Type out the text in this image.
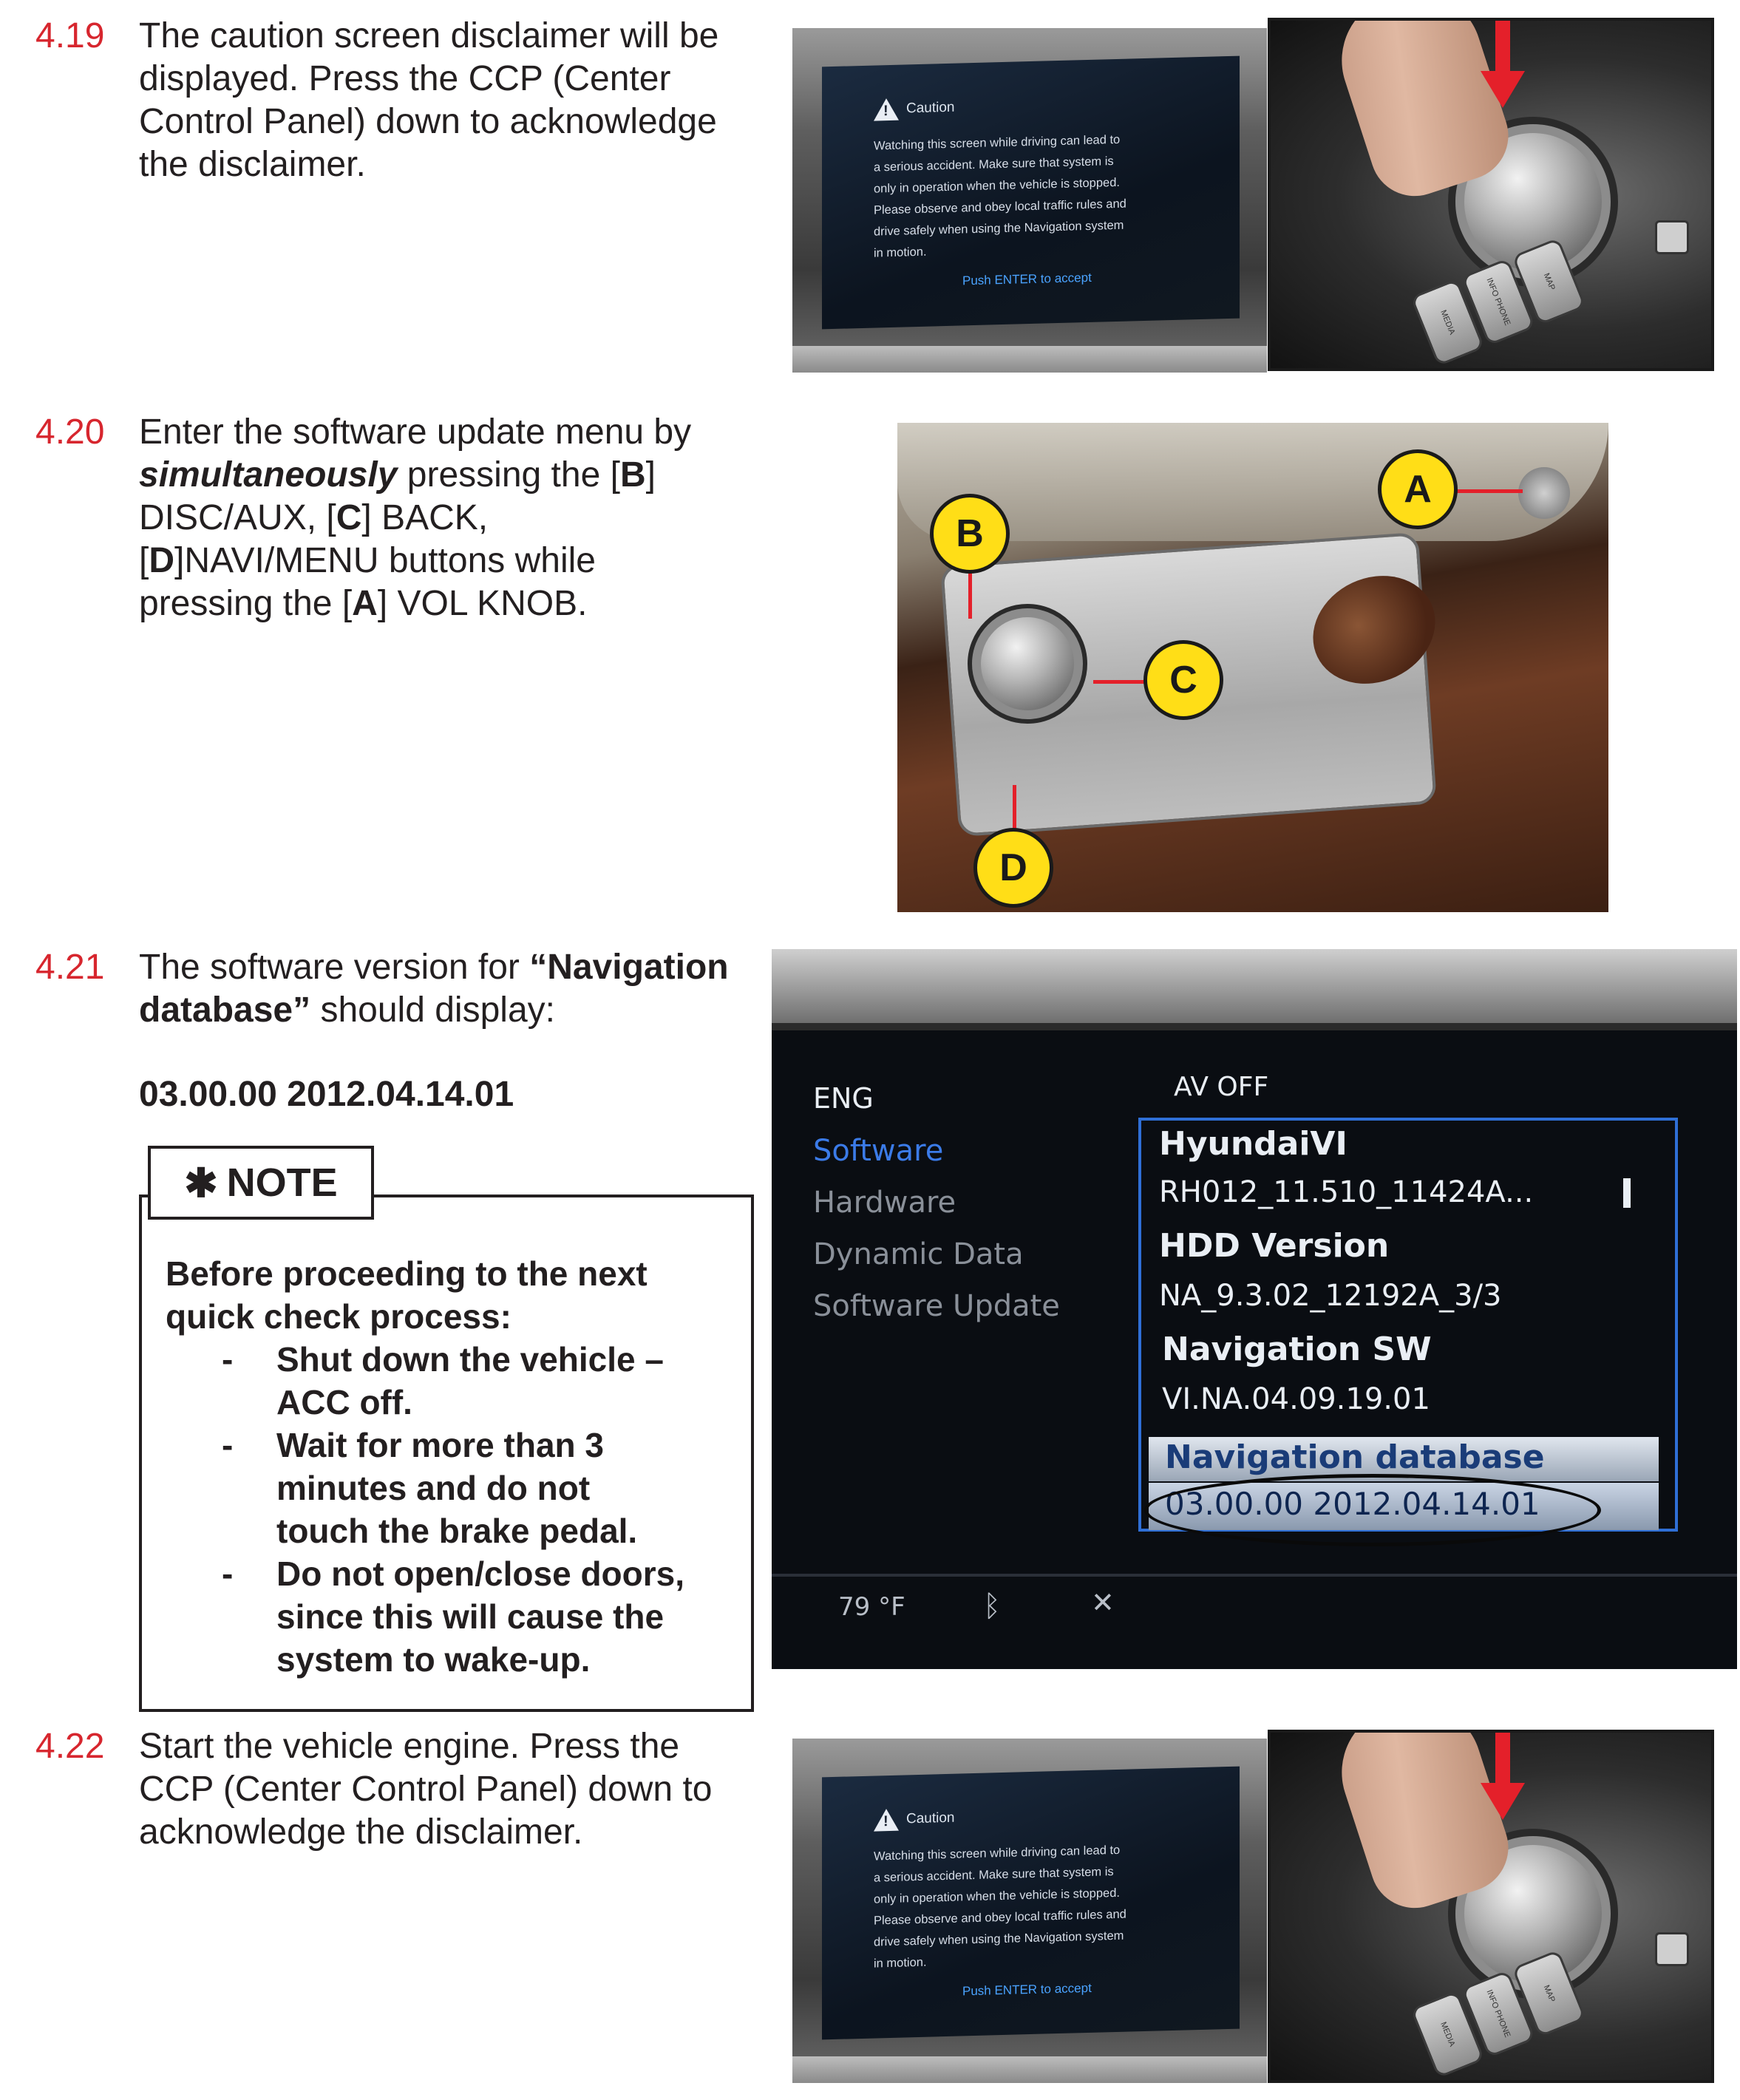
4.19 The caution screen disclaimer will be
displayed. Press the CCP (Center
Control Panel) down to acknowledge
the disclaimer.
! Caution
Watching this screen while driving can lead to
a serious accident. Make sure that system is
only in operation when the vehicle is stopped.
Please observe and obey local traffic rules and
drive safely when using the Navigation system
in motion.
Push ENTER to accept
MEDIA	INFO PHONE	MAP
4.20 Enter the software update menu by
simultaneously pressing the [B]
DISC/AUX, [C] BACK,
[D]NAVI/MENU buttons while
pressing the [A] VOL KNOB.
A
B
C
D
4.21 The software version for “Navigation
database” should display:
03.00.00 2012.04.14.01
✱ NOTE
Before proceeding to the next
quick check process:
- Shut down the vehicle –
ACC off.
- Wait for more than 3
minutes and do not
touch the brake pedal.
- Do not open/close doors,
since this will cause the
system to wake-up.
ENG	AV OFF
Software
Hardware
Dynamic Data
Software Update
HyundaiVI
RH012_11.510_11424A...
HDD Version
NA_9.3.02_12192A_3/3
Navigation SW
VI.NA.04.09.19.01
Navigation database
03.00.00 2012.04.14.01
79 °F	ᛒ	✕
4.22 Start the vehicle engine. Press the
CCP (Center Control Panel) down to
acknowledge the disclaimer.	! Caution
Watching this screen while driving can lead to
a serious accident. Make sure that system is
only in operation when the vehicle is stopped.
Please observe and obey local traffic rules and
drive safely when using the Navigation system
in motion.
Push ENTER to accept
MEDIA	INFO PHONE	MAP
